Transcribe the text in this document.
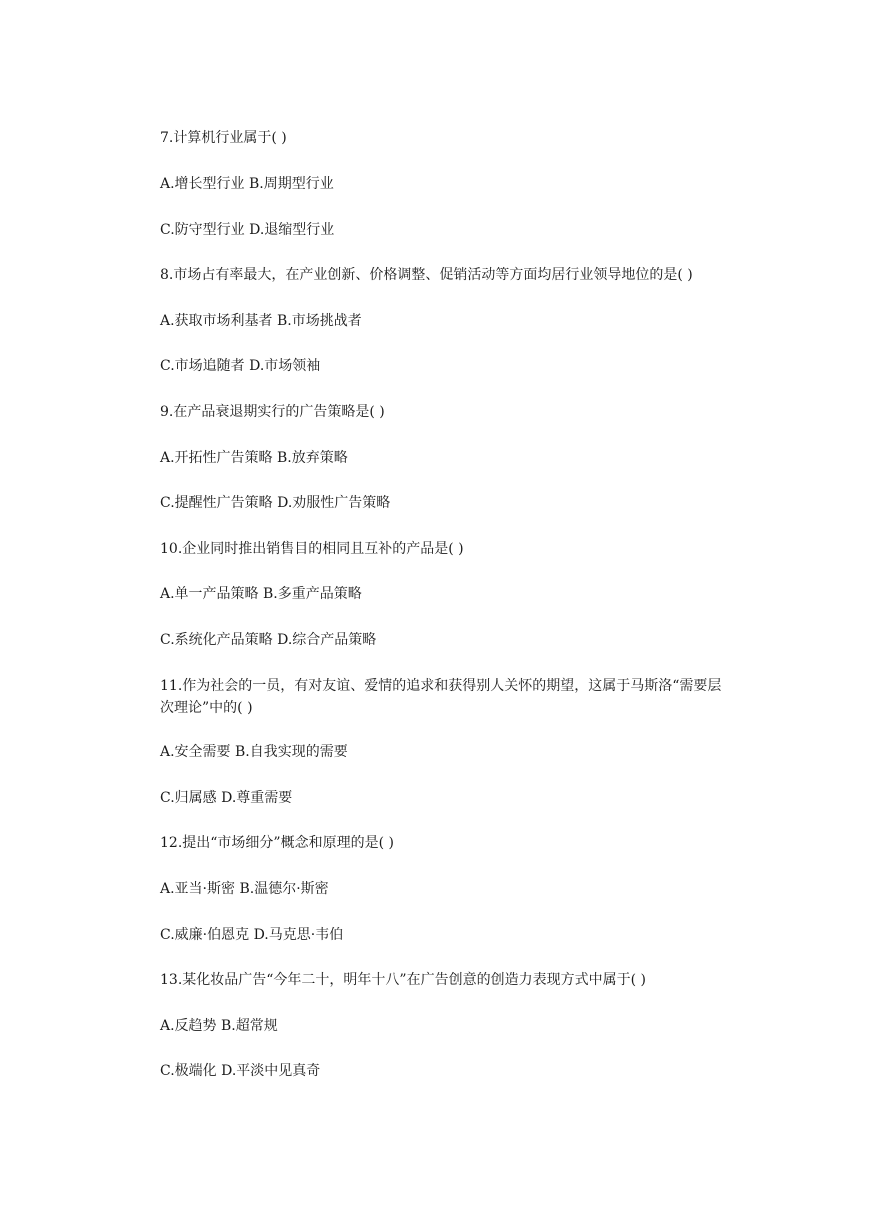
7.计算机行业属于( )
A.增长型行业 B.周期型行业
C.防守型行业 D.退缩型行业
8.市场占有率最大，在产业创新、价格调整、促销活动等方面均居行业领导地位的是( )
A.获取市场利基者 B.市场挑战者
C.市场追随者 D.市场领袖
9.在产品衰退期实行的广告策略是( )
A.开拓性广告策略 B.放弃策略
C.提醒性广告策略 D.劝服性广告策略
10.企业同时推出销售目的相同且互补的产品是( )
A.单一产品策略 B.多重产品策略
C.系统化产品策略 D.综合产品策略
11.作为社会的一员，有对友谊、爱情的追求和获得别人关怀的期望，这属于马斯洛“需要层次理论”中的( )
A.安全需要 B.自我实现的需要
C.归属感 D.尊重需要
12.提出“市场细分”概念和原理的是( )
A.亚当·斯密 B.温德尔·斯密
C.威廉·伯恩克 D.马克思·韦伯
13.某化妆品广告“今年二十，明年十八”在广告创意的创造力表现方式中属于( )
A.反趋势 B.超常规
C.极端化 D.平淡中见真奇
